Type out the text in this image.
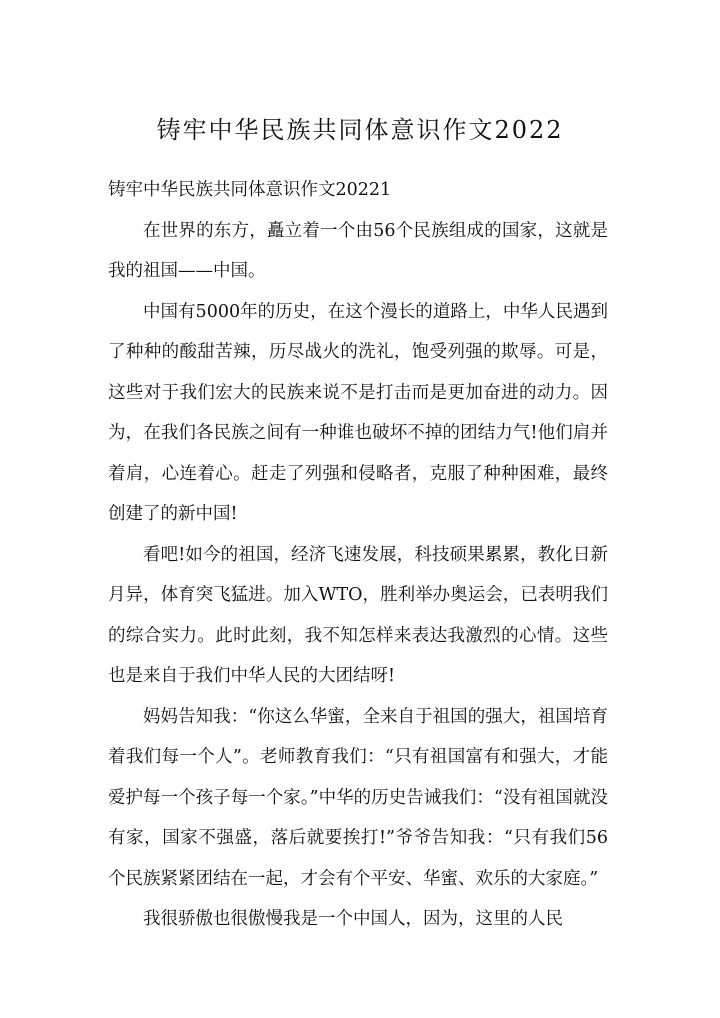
铸牢中华民族共同体意识作文2022

铸牢中华民族共同体意识作文20221

在世界的东方，矗立着一个由56个民族组成的国家，这就是我的祖国——中国。

中国有5000年的历史，在这个漫长的道路上，中华人民遇到了种种的酸甜苦辣，历尽战火的洗礼，饱受列强的欺辱。可是，这些对于我们宏大的民族来说不是打击而是更加奋进的动力。因为，在我们各民族之间有一种谁也破坏不掉的团结力气!他们肩并着肩，心连着心。赶走了列强和侵略者，克服了种种困难，最终创建了的新中国!

看吧!如今的祖国，经济飞速发展，科技硕果累累，教化日新月异，体育突飞猛进。加入WTO，胜利举办奥运会，已表明我们的综合实力。此时此刻，我不知怎样来表达我激烈的心情。这些也是来自于我们中华人民的大团结呀!

妈妈告知我：“你这么华蜜，全来自于祖国的强大，祖国培育着我们每一个人”。老师教育我们：“只有祖国富有和强大，才能爱护每一个孩子每一个家。”中华的历史告诫我们：“没有祖国就没有家，国家不强盛，落后就要挨打!”爷爷告知我：“只有我们56个民族紧紧团结在一起，才会有个平安、华蜜、欢乐的大家庭。”

我很骄傲也很傲慢我是一个中国人，因为，这里的人民
